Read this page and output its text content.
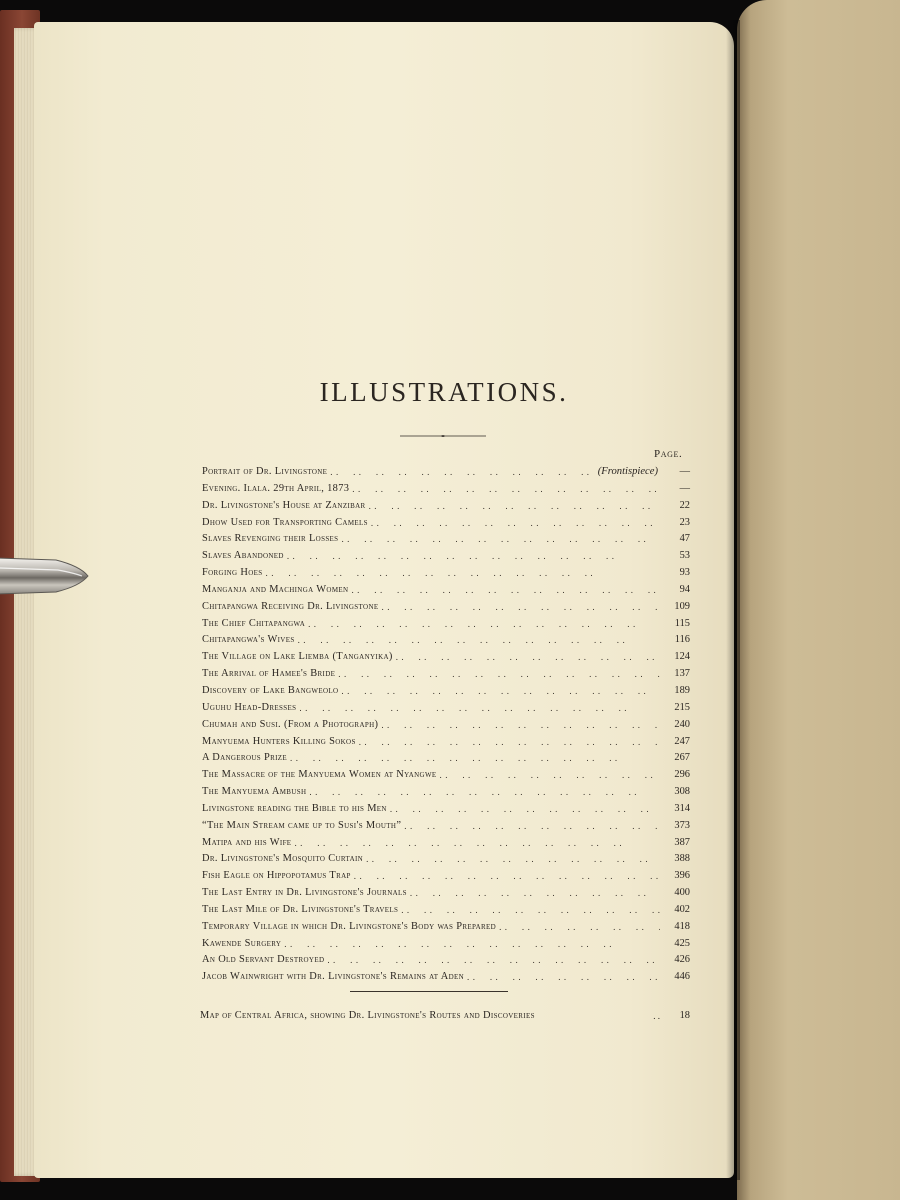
ILLUSTRATIONS.
Page.
Portrait of Dr. Livingstone . .	(Frontispiece)	—
Evening. Ilala. 29th April, 1873 . .	—
Dr. Livingstone's House at Zanzibar . .	22
Dhow Used for Transporting Camels . .	23
Slaves Revenging their Losses . .	47
Slaves Abandoned . .	53
Forging Hoes . .	93
Manganja and Machinga Women . .	94
Chitapangwa Receiving Dr. Livingstone . .	109
The Chief Chitapangwa . .	115
Chitapangwa's Wives . .	116
The Village on Lake Liemba (Tanganyika) . .	124
The Arrival of Hamee's Bride . .	137
Discovery of Lake Bangweolo . .	189
Uguhu Head-Dresses . .	215
Chumah and Susi. (From a Photograph) . .	240
Manyuema Hunters Killing Sokos . .	247
A Dangerous Prize . .	267
The Massacre of the Manyuema Women at Nyangwe . .	296
The Manyuema Ambush . .	308
Livingstone reading the Bible to his Men . .	314
“The Main Stream came up to Susi's Mouth” . .	373
Matipa and his Wife . .	387
Dr. Livingstone's Mosquito Curtain . .	388
Fish Eagle on Hippopotamus Trap . .	396
The Last Entry in Dr. Livingstone's Journals . .	400
The Last Mile of Dr. Livingstone's Travels . .	402
Temporary Village in which Dr. Livingstone's Body was Prepared . .	418
Kawende Surgery . .	425
An Old Servant Destroyed . .	426
Jacob Wainwright with Dr. Livingstone's Remains at Aden . .	446
Map of Central Africa, showing Dr. Livingstone's Routes and Discoveries	. .	18
